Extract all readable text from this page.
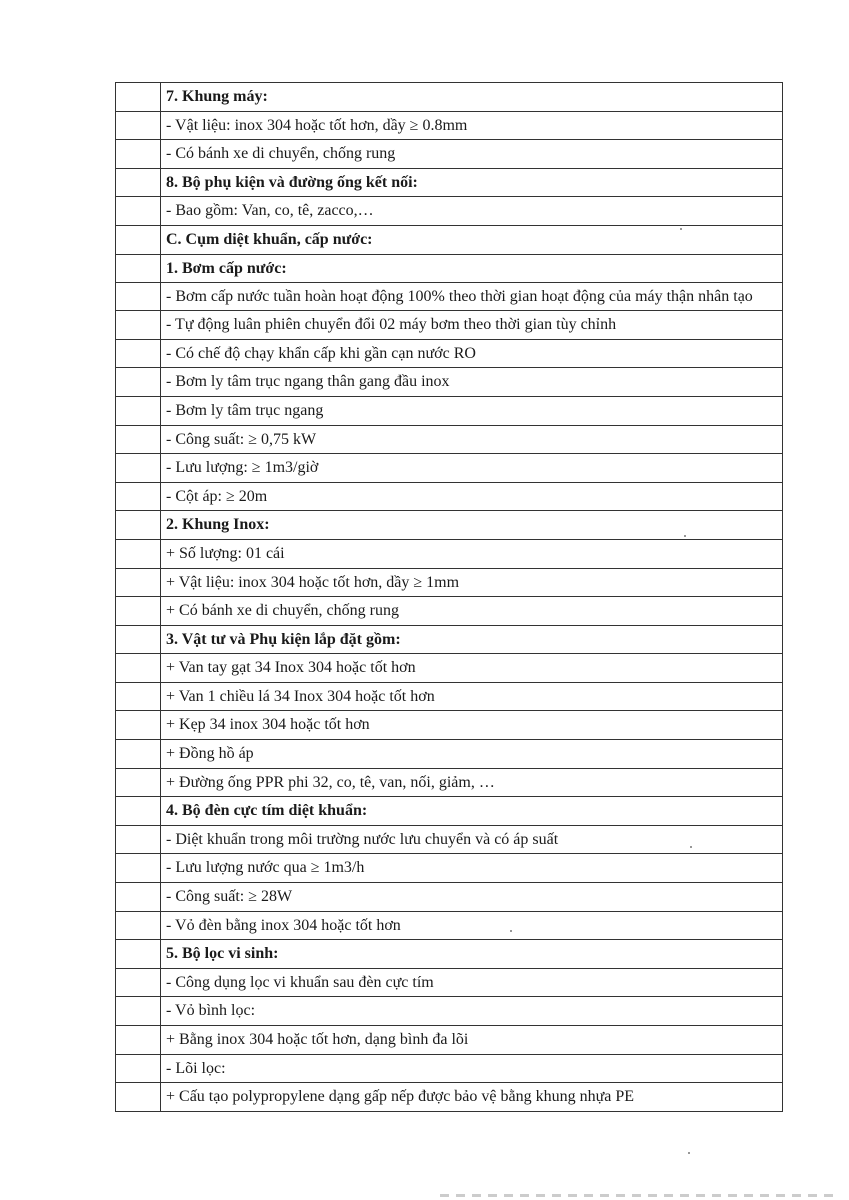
	7. Khung máy:
	- Vật liệu: inox 304 hoặc tốt hơn, dầy ≥ 0.8mm
	- Có bánh xe di chuyển, chống rung
	8. Bộ phụ kiện và đường ống kết nối:
	- Bao gồm: Van, co, tê, zacco,…
	C. Cụm diệt khuẩn, cấp nước:
	1. Bơm cấp nước:
	- Bơm cấp nước tuần hoàn hoạt động 100% theo thời gian hoạt động của máy thận nhân tạo
	- Tự động luân phiên chuyển đổi 02 máy bơm theo thời gian tùy chỉnh
	- Có chế độ chạy khẩn cấp khi gần cạn nước RO
	- Bơm ly tâm trục ngang thân gang đầu inox
	- Bơm ly tâm trục ngang
	- Công suất: ≥ 0,75 kW
	- Lưu lượng: ≥ 1m3/giờ
	- Cột áp: ≥ 20m
	2. Khung Inox:
	+ Số lượng: 01 cái
	+ Vật liệu: inox 304 hoặc tốt hơn, dầy ≥ 1mm
	+ Có bánh xe di chuyển, chống rung
	3. Vật tư và Phụ kiện lắp đặt gồm:
	+ Van tay gạt 34 Inox 304 hoặc tốt hơn
	+ Van 1 chiều lá 34 Inox 304 hoặc tốt hơn
	+ Kẹp 34 inox 304 hoặc tốt hơn
	+ Đồng hồ áp
	+ Đường ống PPR phi 32, co, tê, van, nối, giảm, …
	4. Bộ đèn cực tím diệt khuẩn:
	- Diệt khuẩn trong môi trường nước lưu chuyển và có áp suất
	- Lưu lượng nước qua ≥ 1m3/h
	- Công suất: ≥ 28W
	- Vỏ đèn bằng inox 304 hoặc tốt hơn
	5. Bộ lọc vi sinh:
	- Công dụng lọc vi khuẩn sau đèn cực tím
	- Vỏ bình lọc:
	+ Bằng inox 304 hoặc tốt hơn, dạng bình đa lõi
	- Lõi lọc:
	+ Cấu tạo polypropylene dạng gấp nếp được bảo vệ bằng khung nhựa PE
